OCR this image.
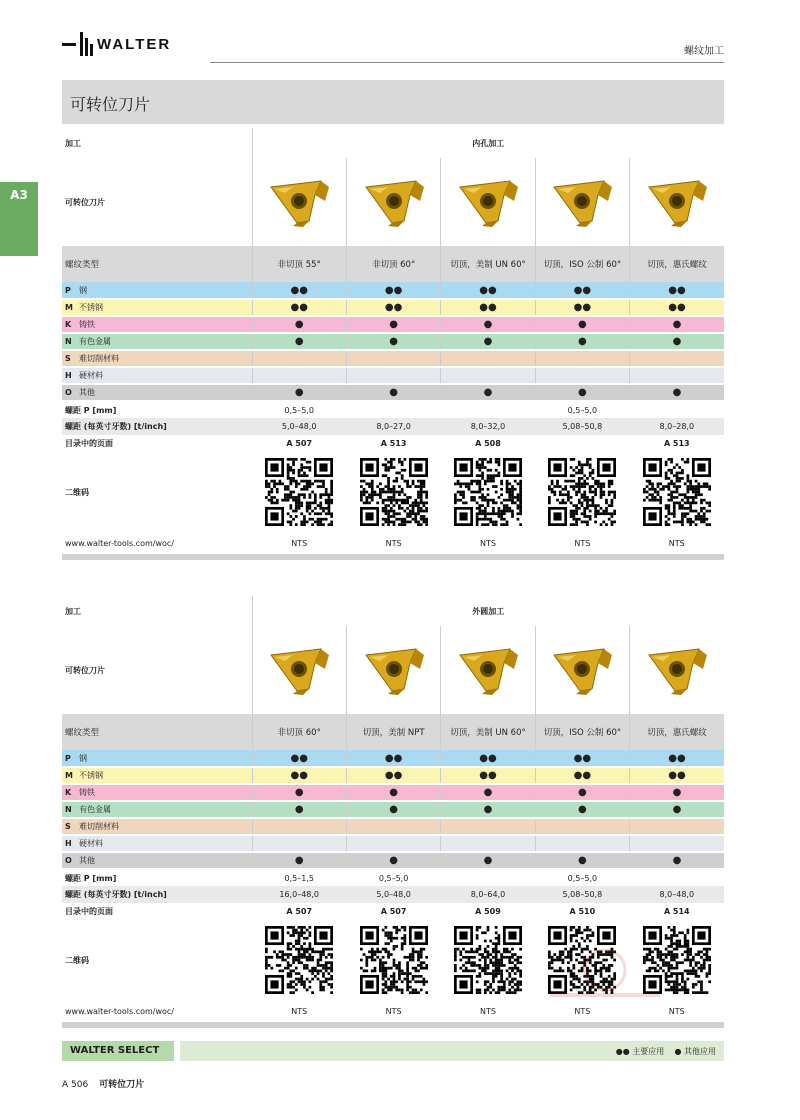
WALTER	螺纹加工
可转位刀片
A3
加工	内孔加工				
可转位刀片	

螺纹类型	非切顶 55°	非切顶 60°	切顶，美制 UN 60°	切顶，ISO 公制 60°	切顶，惠氏螺纹
P 钢	●●	●●	●●	●●	●●
M 不锈钢	●●	●●	●●	●●	●●
K 铸铁	●	●	●	●	●
N 有色金属	●	●	●	●	●
S 难切削材料					
H 硬材料					
O 其他	●	●	●	●	●
螺距 P [mm]	0,5–5,0			0,5–5,0	
螺距 (每英寸牙数) [t/inch]	5,0–48,0	8,0–27,0	8,0–32,0	5,08–50,8	8,0–28,0
目录中的页面	A 507	A 513	A 508		A 513
二维码	

www.walter-tools.com/woc/	NTS	NTS	NTS	NTS	NTS

加工	外圆加工				
可转位刀片	

螺纹类型	非切顶 60°	切顶，美制 NPT	切顶，美制 UN 60°	切顶，ISO 公制 60°	切顶，惠氏螺纹
P 钢	●●	●●	●●	●●	●●
M 不锈钢	●●	●●	●●	●●	●●
K 铸铁	●	●	●	●	●
N 有色金属	●	●	●	●	●
S 难切削材料					
H 硬材料					
O 其他	●	●	●	●	●
螺距 P [mm]	0,5–1,5	0,5–5,0		0,5–5,0	
螺距 (每英寸牙数) [t/inch]	16,0–48,0	5,0–48,0	8,0–64,0	5,08–50,8	8,0–48,0
目录中的页面	A 507	A 507	A 509	A 510	A 514
二维码	

www.walter-tools.com/woc/	NTS	NTS	NTS	NTS	NTS

WALTER SELECT	●● 主要应用 ● 其他应用
A 506 可转位刀片
